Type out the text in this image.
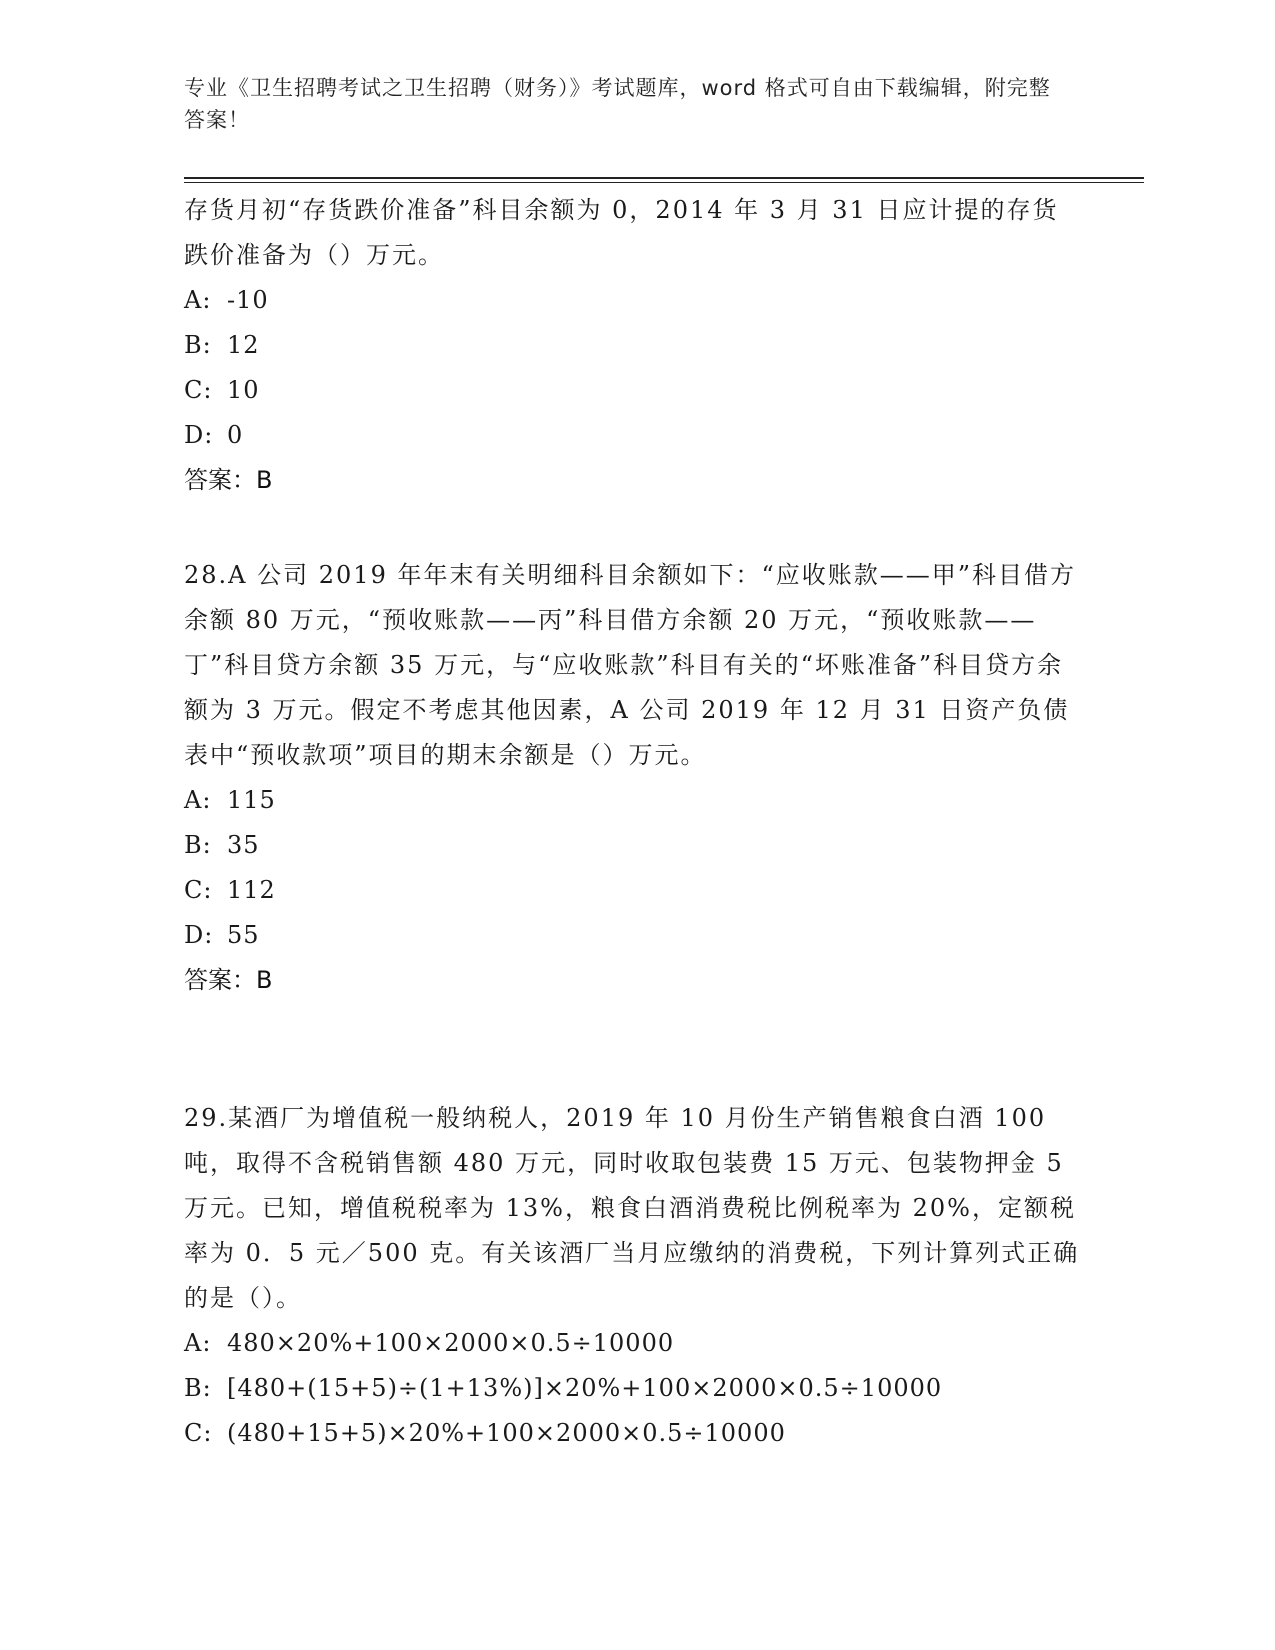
专业《卫生招聘考试之卫生招聘（财务）》考试题库，word 格式可自由下载编辑，附完整答案！

存货月初“存货跌价准备”科目余额为 0，2014 年 3 月 31 日应计提的存货跌价准备为（）万元。

A: -10

B: 12

C: 10

D: 0

答案：B

28.A 公司 2019 年年末有关明细科目余额如下：“应收账款——甲”科目借方余额 80 万元，“预收账款——丙”科目借方余额 20 万元，“预收账款——丁”科目贷方余额 35 万元，与“应收账款”科目有关的“坏账准备”科目贷方余额为 3 万元。假定不考虑其他因素，A 公司 2019 年 12 月 31 日资产负债表中“预收款项”项目的期末余额是（）万元。

A: 115

B: 35

C: 112

D: 55

答案：B

29.某酒厂为增值税一般纳税人，2019 年 10 月份生产销售粮食白酒 100 吨，取得不含税销售额 480 万元，同时收取包装费 15 万元、包装物押金 5 万元。已知，增值税税率为 13%，粮食白酒消费税比例税率为 20%，定额税率为 0．5 元／500 克。有关该酒厂当月应缴纳的消费税，下列计算列式正确的是（）。

A: 480×20%+100×2000×0.5÷10000

B: [480+(15+5)÷(1+13%)]×20%+100×2000×0.5÷10000

C: (480+15+5)×20%+100×2000×0.5÷10000
